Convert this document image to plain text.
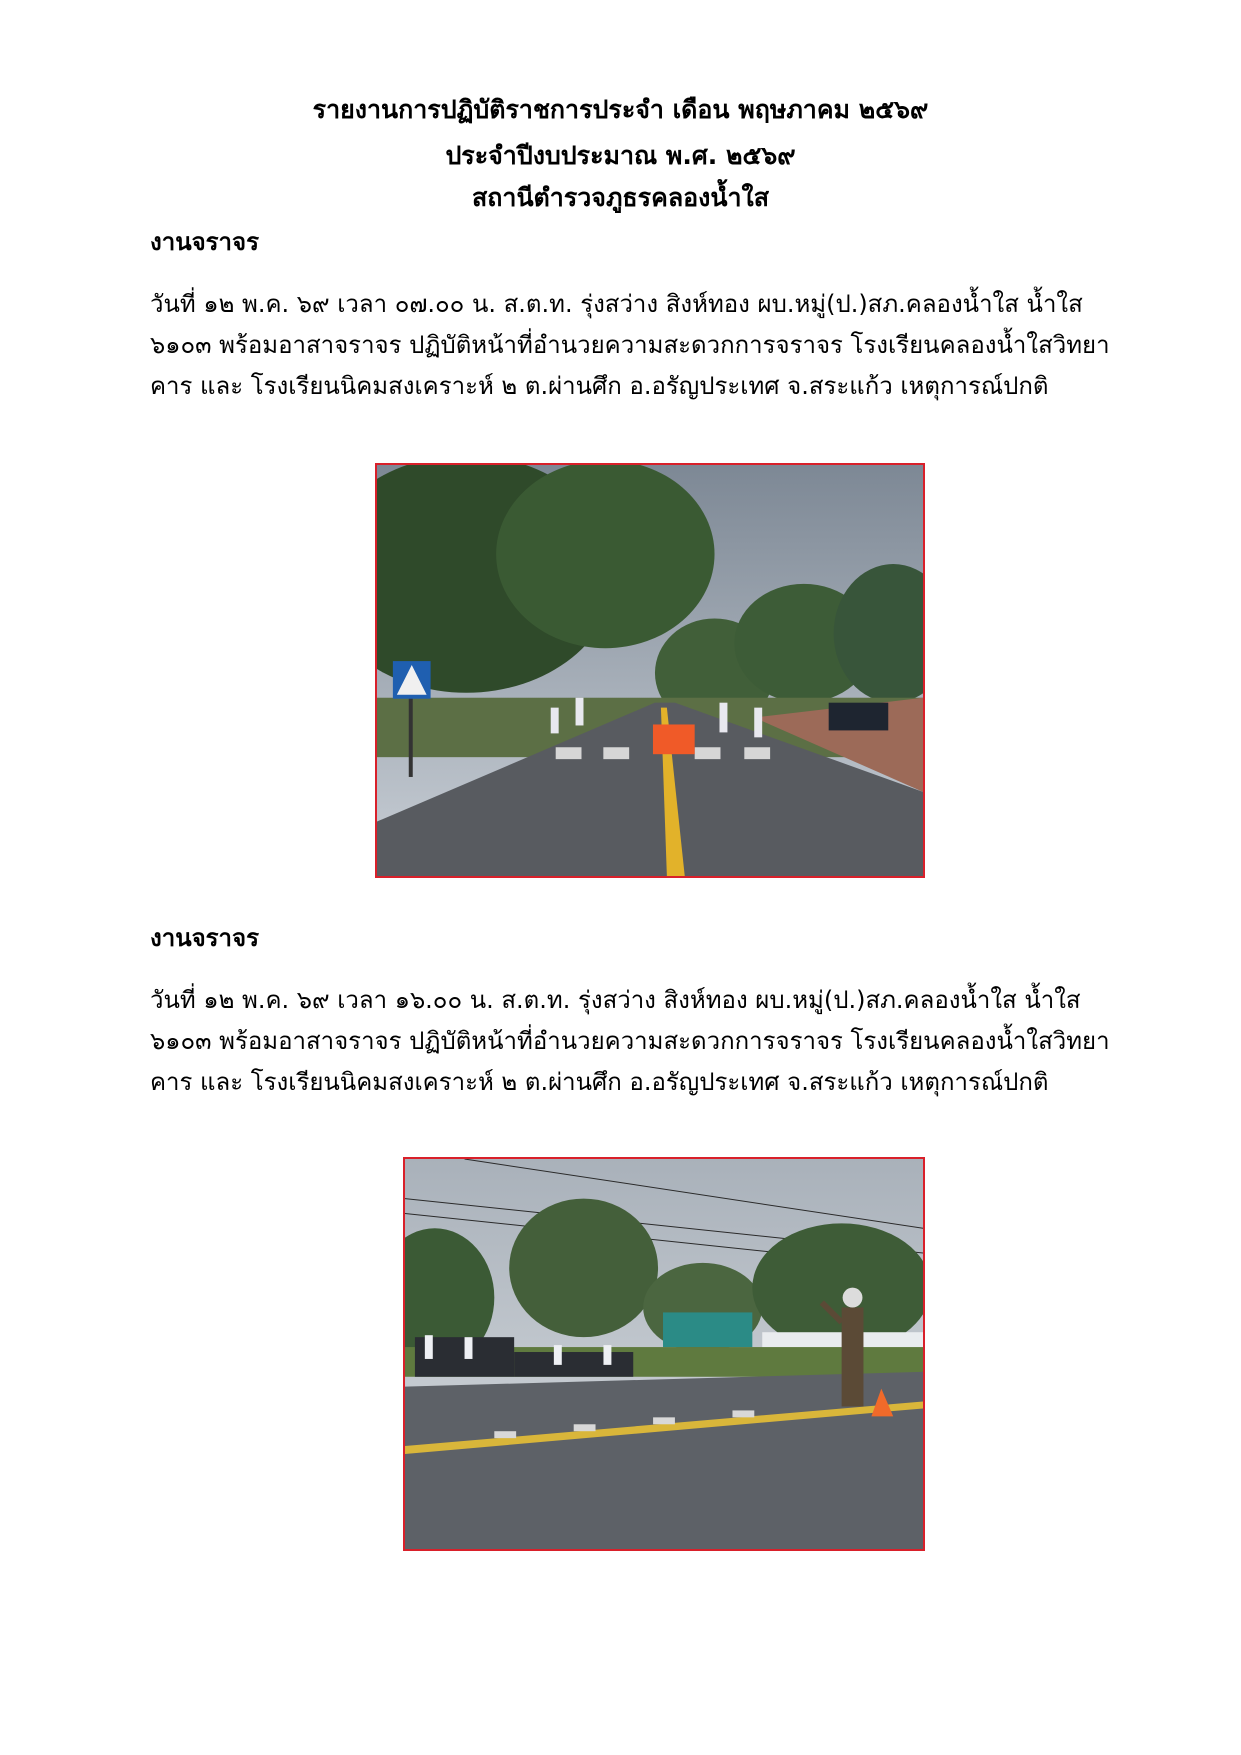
รายงานการปฏิบัติราชการประจำ เดือน พฤษภาคม ๒๕๖๙
ประจำปีงบประมาณ พ.ศ. ๒๕๖๙
สถานีตำรวจภูธรคลองน้ำใส
งานจราจร
วันที่ ๑๒ พ.ค. ๖๙ เวลา ๐๗.๐๐ น. ส.ต.ท. รุ่งสว่าง สิงห์ทอง ผบ.หมู่(ป.)สภ.คลองน้ำใส น้ำใส
๖๑๐๓ พร้อมอาสาจราจร ปฏิบัติหน้าที่อำนวยความสะดวกการจราจร โรงเรียนคลองน้ำใสวิทยา
คาร และ โรงเรียนนิคมสงเคราะห์ ๒ ต.ผ่านศึก อ.อรัญประเทศ จ.สระแก้ว เหตุการณ์ปกติ
งานจราจร
วันที่ ๑๒ พ.ค. ๖๙ เวลา ๑๖.๐๐ น. ส.ต.ท. รุ่งสว่าง สิงห์ทอง ผบ.หมู่(ป.)สภ.คลองน้ำใส น้ำใส
๖๑๐๓ พร้อมอาสาจราจร ปฏิบัติหน้าที่อำนวยความสะดวกการจราจร โรงเรียนคลองน้ำใสวิทยา
คาร และ โรงเรียนนิคมสงเคราะห์ ๒ ต.ผ่านศึก อ.อรัญประเทศ จ.สระแก้ว เหตุการณ์ปกติ
